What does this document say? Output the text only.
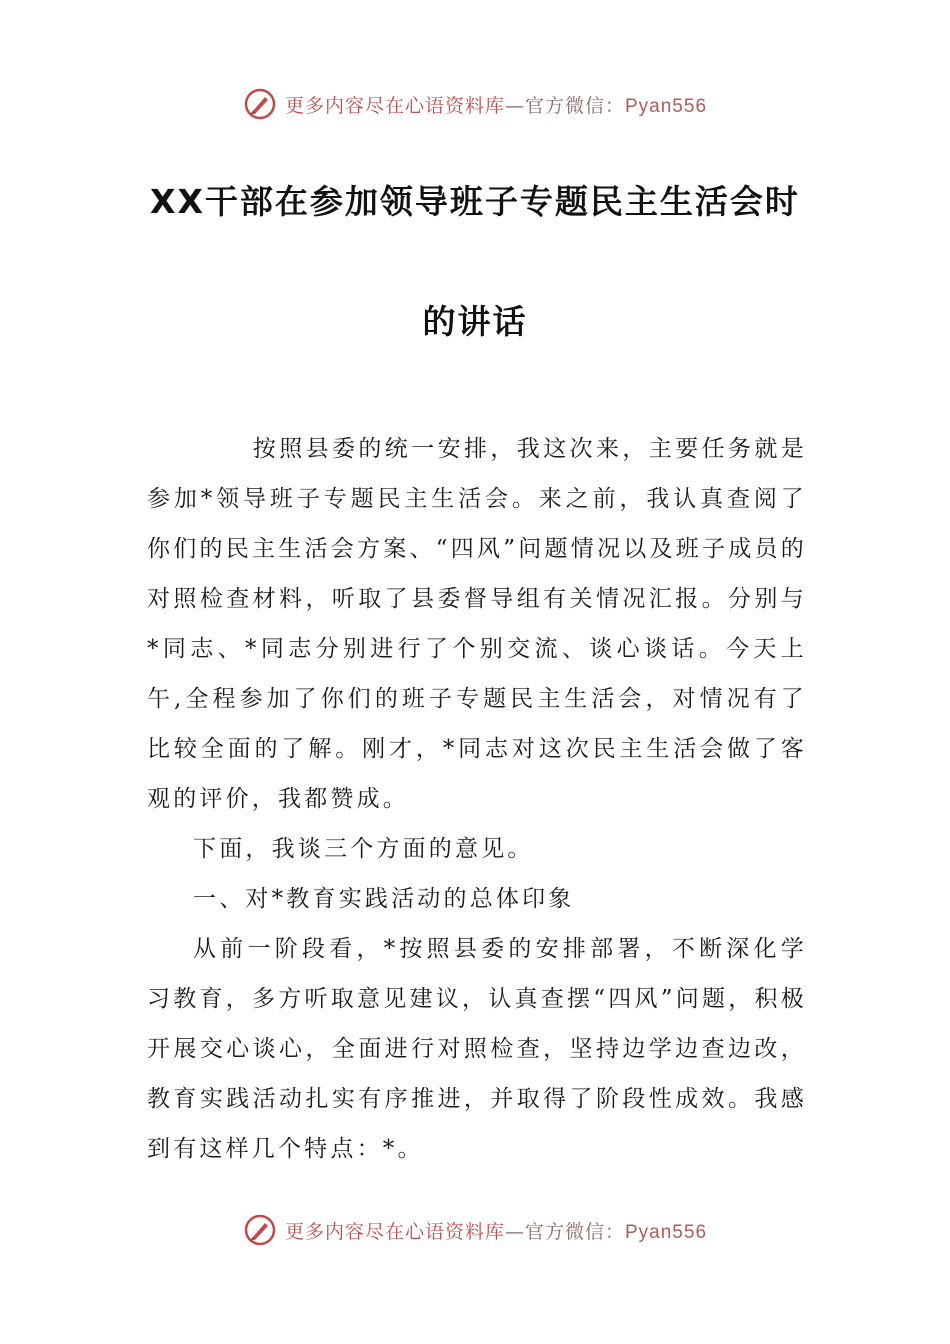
更多内容尽在心语资料库—官方微信：Pyan556
XX干部在参加领导班子专题民主生活会时
的讲话

按照县委的统一安排，我这次来，主要任务就是参加*领导班子专题民主生活会。来之前，我认真查阅了你们的民主生活会方案、“四风”问题情况以及班子成员的对照检查材料，听取了县委督导组有关情况汇报。分别与*同志、*同志分别进行了个别交流、谈心谈话。今天上午,全程参加了你们的班子专题民主生活会，对情况有了比较全面的了解。刚才，*同志对这次民主生活会做了客观的评价，我都赞成。

下面，我谈三个方面的意见。

一、对*教育实践活动的总体印象

从前一阶段看，*按照县委的安排部署，不断深化学习教育，多方听取意见建议，认真查摆“四风”问题，积极开展交心谈心，全面进行对照检查，坚持边学边查边改，教育实践活动扎实有序推进，并取得了阶段性成效。我感到有这样几个特点：*。

更多内容尽在心语资料库—官方微信：Pyan556
